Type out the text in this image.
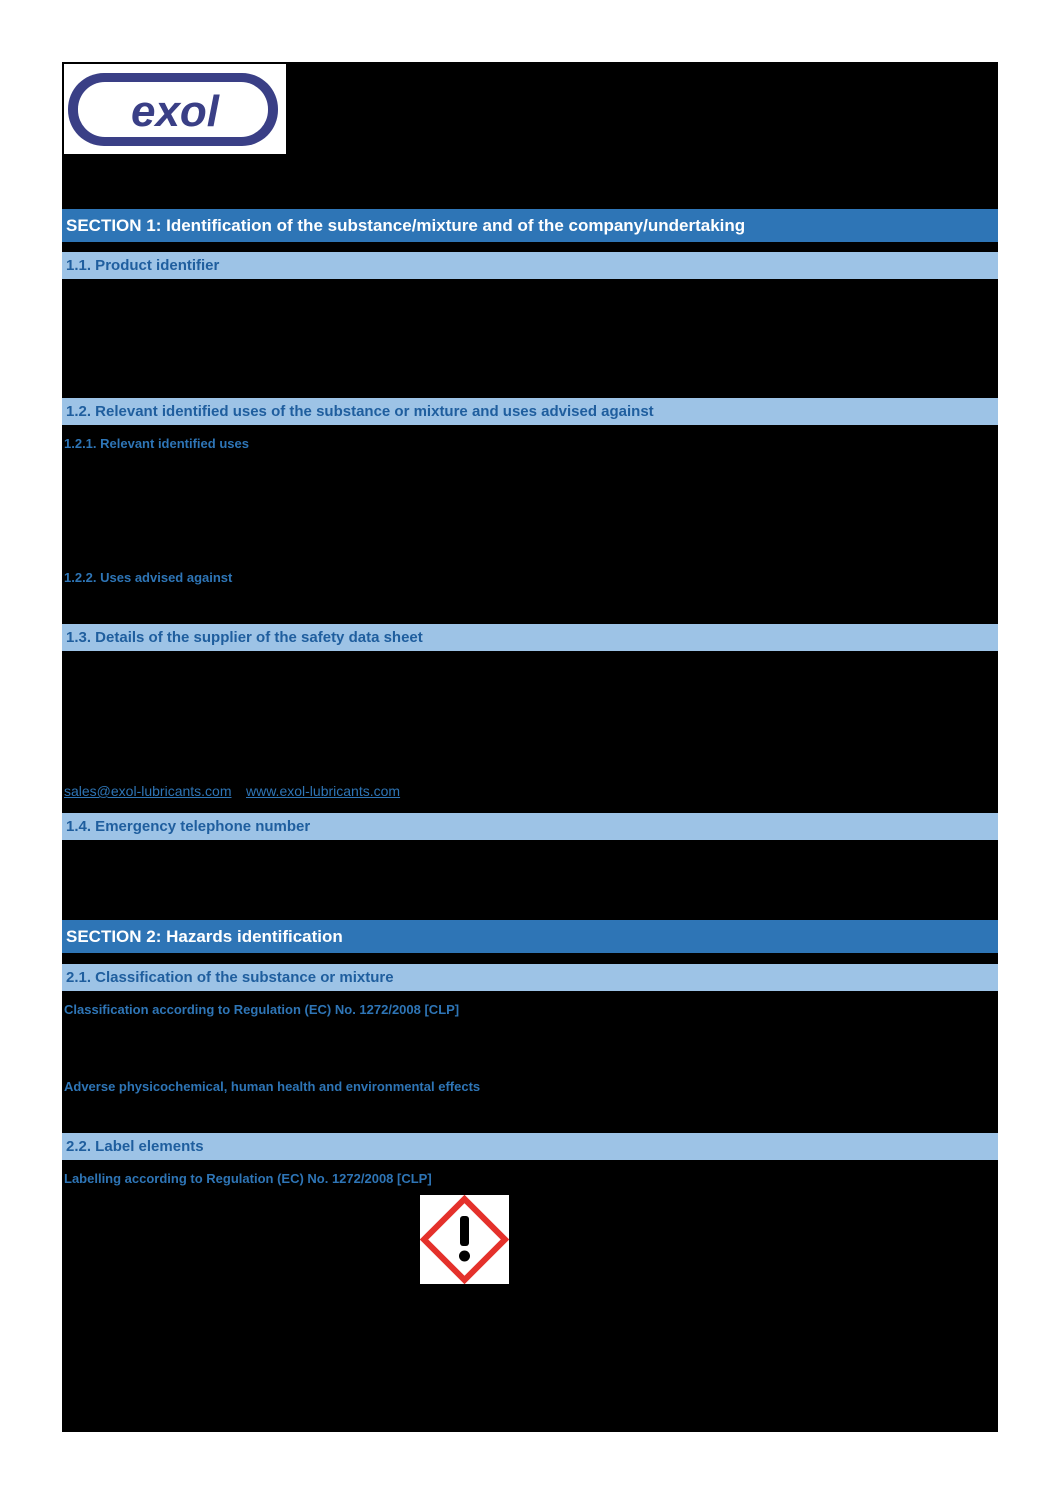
exol
SECTION 1: Identification of the substance/mixture and of the company/undertaking
1.1. Product identifier
1.2. Relevant identified uses of the substance or mixture and uses advised against
1.2.1. Relevant identified uses
1.2.2. Uses advised against
1.3. Details of the supplier of the safety data sheet
sales@exol-lubricants.com www.exol-lubricants.com
1.4. Emergency telephone number
SECTION 2: Hazards identification
2.1. Classification of the substance or mixture
Classification according to Regulation (EC) No. 1272/2008 [CLP]
Adverse physicochemical, human health and environmental effects
2.2. Label elements
Labelling according to Regulation (EC) No. 1272/2008 [CLP]
